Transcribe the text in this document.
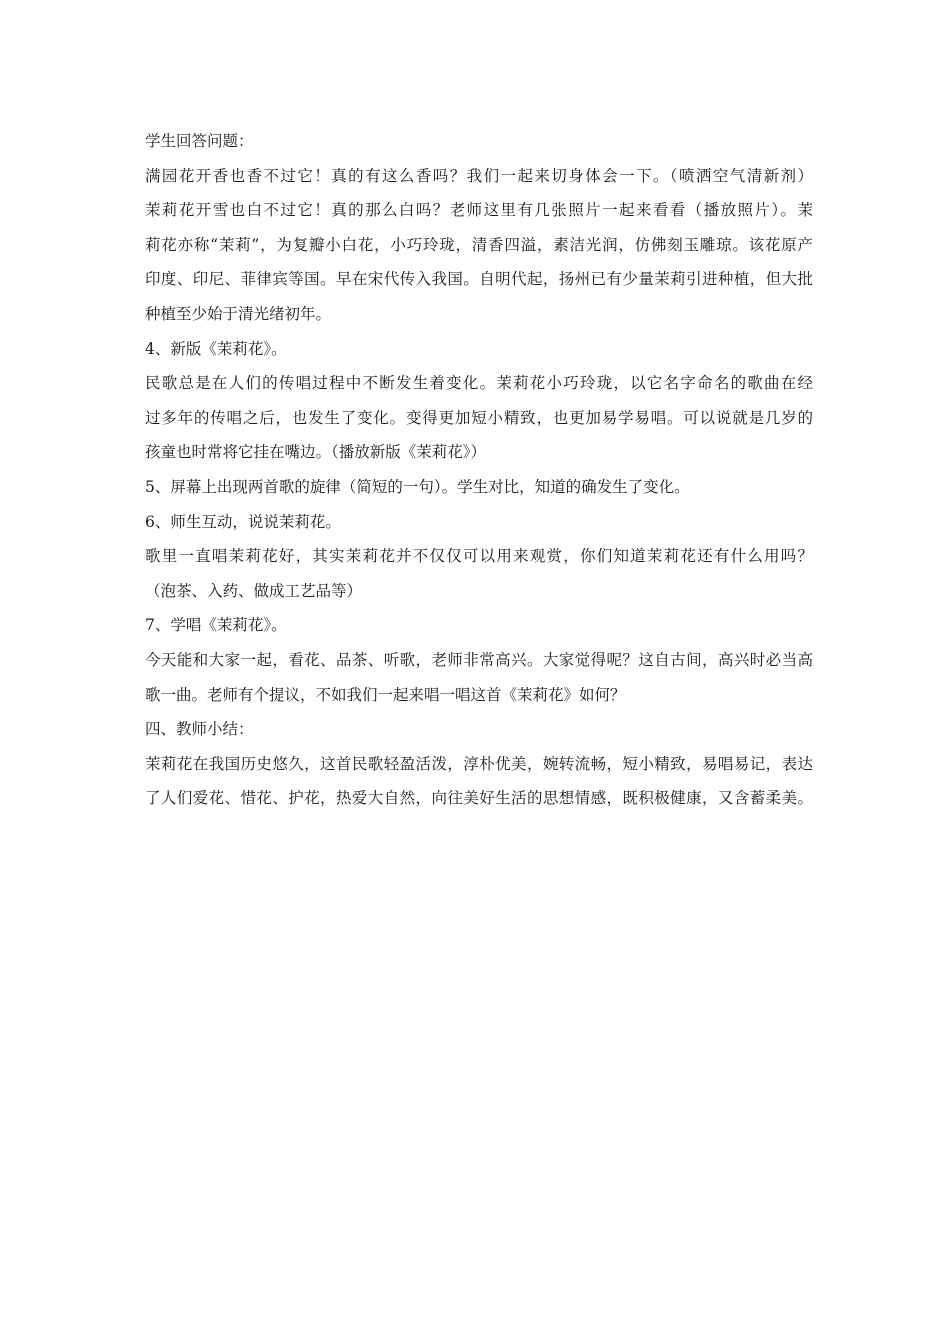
学生回答问题：
满园花开香也香不过它！真的有这么香吗？我们一起来切身体会一下。（喷洒空气清新剂）
茉莉花开雪也白不过它！真的那么白吗？老师这里有几张照片一起来看看（播放照片）。茉
莉花亦称“茉莉”，为复瓣小白花，小巧玲珑，清香四溢，素洁光润，仿佛刻玉雕琼。该花原产
印度、印尼、菲律宾等国。早在宋代传入我国。自明代起，扬州已有少量茉莉引进种植，但大批
种植至少始于清光绪初年。
4、新版《茉莉花》。
民歌总是在人们的传唱过程中不断发生着变化。茉莉花小巧玲珑，以它名字命名的歌曲在经
过多年的传唱之后，也发生了变化。变得更加短小精致，也更加易学易唱。可以说就是几岁的
孩童也时常将它挂在嘴边。（播放新版《茉莉花》）
5、屏幕上出现两首歌的旋律（简短的一句）。学生对比，知道的确发生了变化。
6、师生互动，说说茉莉花。
歌里一直唱茉莉花好，其实茉莉花并不仅仅可以用来观赏，你们知道茉莉花还有什么用吗？
（泡茶、入药、做成工艺品等）
7、学唱《茉莉花》。
今天能和大家一起，看花、品茶、听歌，老师非常高兴。大家觉得呢？这自古间，高兴时必当高
歌一曲。老师有个提议，不如我们一起来唱一唱这首《茉莉花》如何？
四、教师小结：
茉莉花在我国历史悠久，这首民歌轻盈活泼，淳朴优美，婉转流畅，短小精致，易唱易记，表达
了人们爱花、惜花、护花，热爱大自然，向往美好生活的思想情感，既积极健康，又含蓄柔美。
